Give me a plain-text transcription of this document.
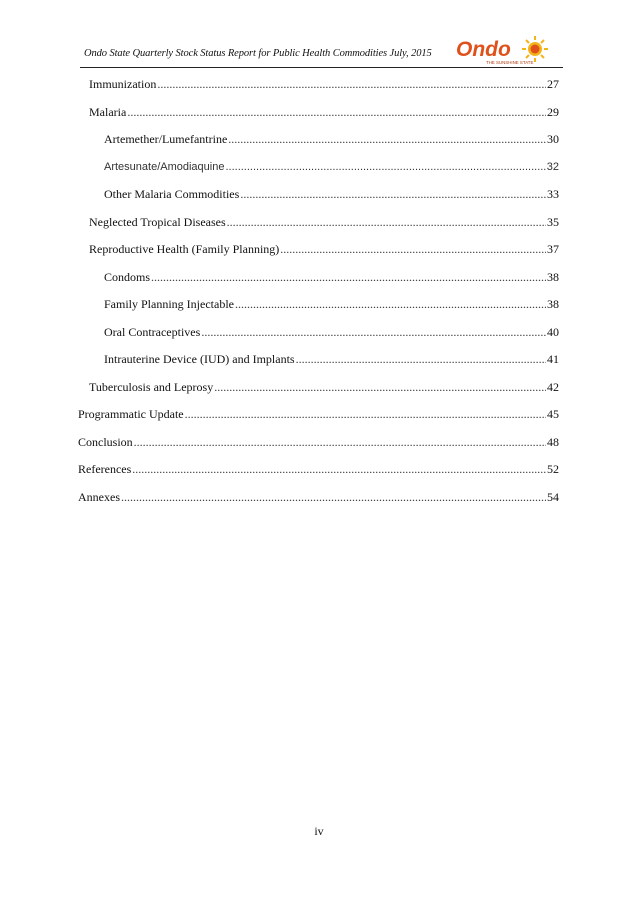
Ondo State Quarterly Stock Status Report for Public Health Commodities July, 2015 Ondo
THE SUNSHINE STATE
Immunization .....	27
Malaria .....	29
Artemether/Lumefantrine .....	30
Artesunate/Amodiaquine .....	32
Other Malaria Commodities .....	33
Neglected Tropical Diseases .....	35
Reproductive Health (Family Planning) .....	37
Condoms .....	38
Family Planning Injectable .....	38
Oral Contraceptives .....	40
Intrauterine Device (IUD) and Implants .....	41
Tuberculosis and Leprosy .....	42
Programmatic Update .....	45
Conclusion .....	48
References .....	52
Annexes .....	54
iv
